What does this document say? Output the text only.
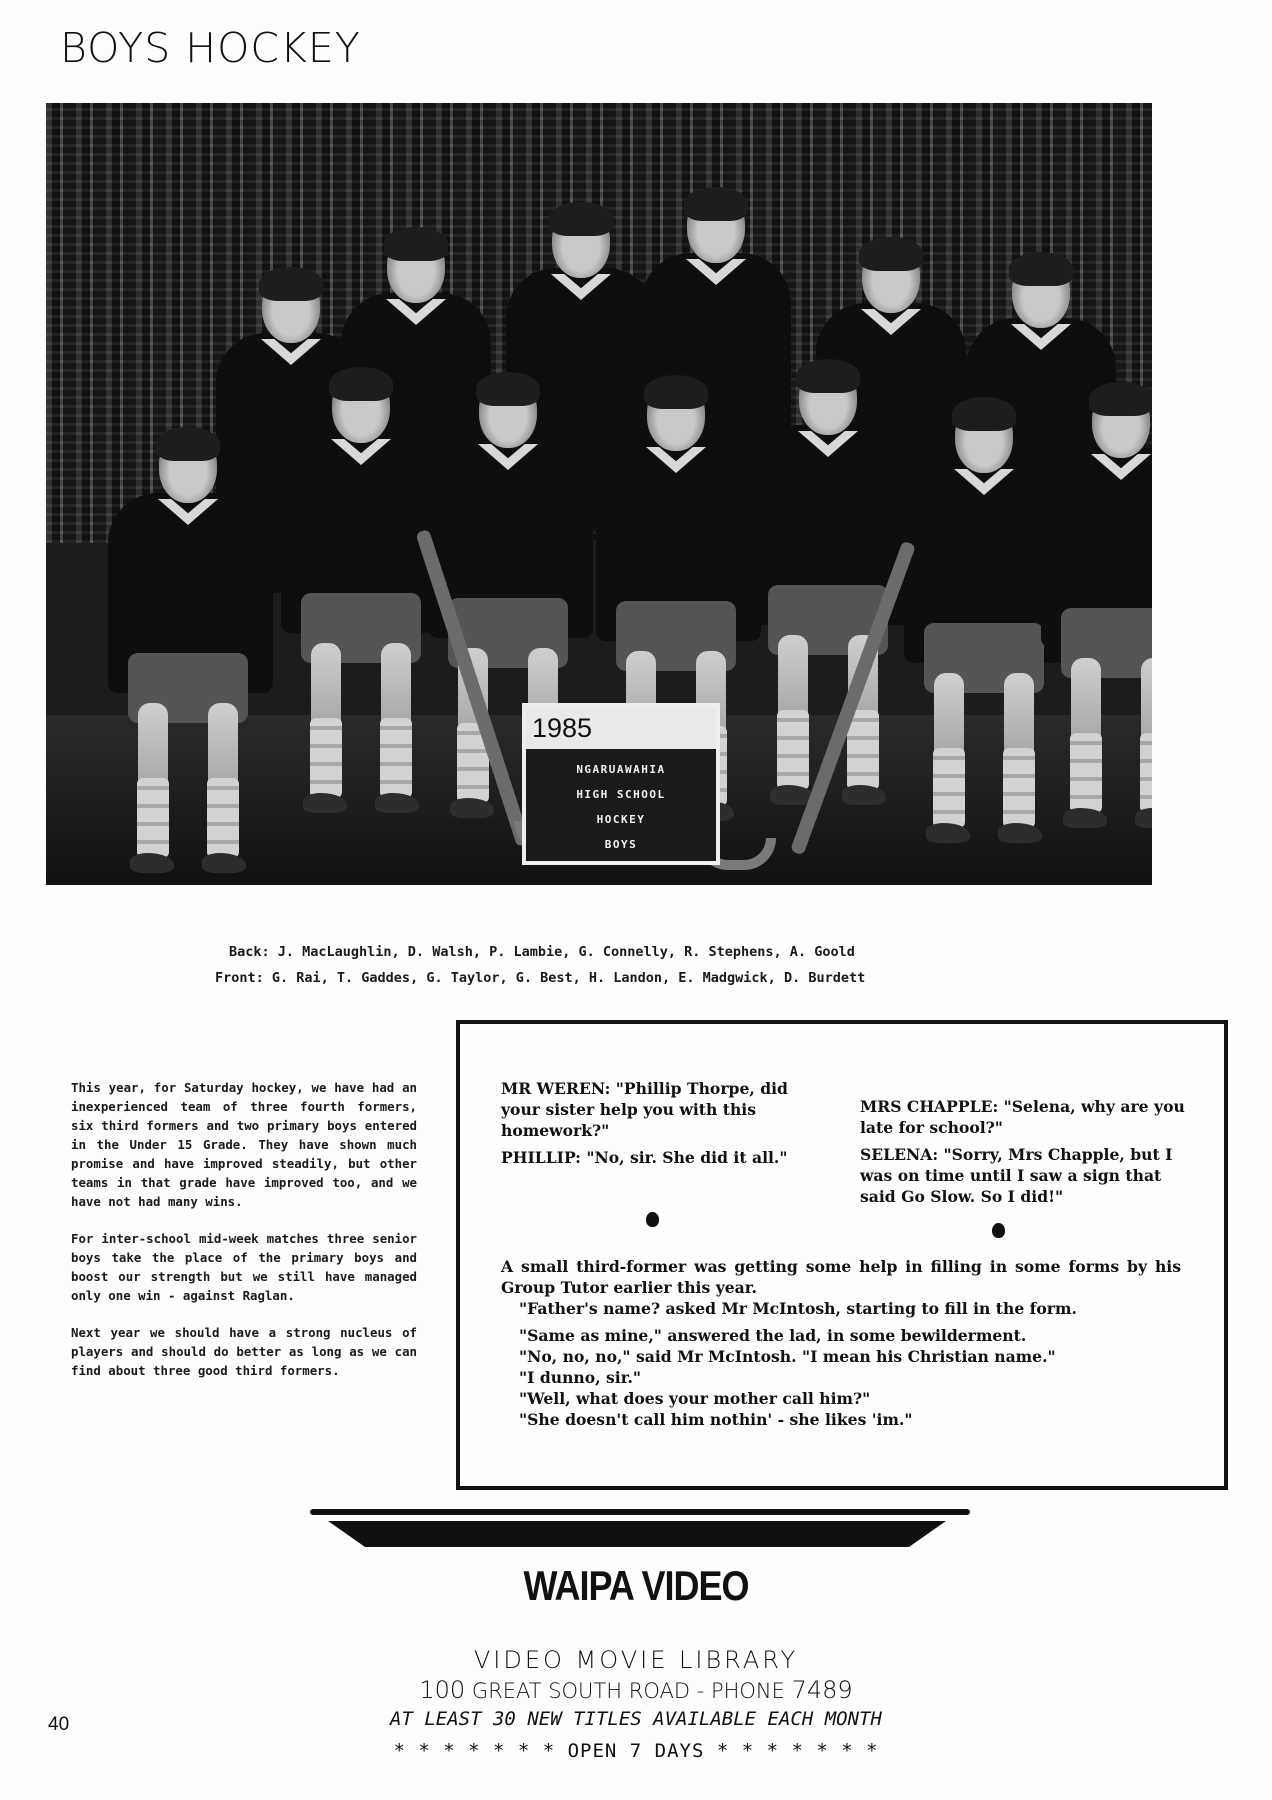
BOYS HOCKEY
1985
NGARUAWAHIA
HIGH SCHOOL
HOCKEY
BOYS
Back: J. MacLaughlin, D. Walsh, P. Lambie, G. Connelly, R. Stephens, A. Goold
Front: G. Rai, T. Gaddes, G. Taylor, G. Best, H. Landon, E. Madgwick, D. Burdett

This year, for Saturday hockey, we have had an inexperienced team of three fourth formers, six third formers and two primary boys entered in the Under 15 Grade. They have shown much promise and have improved steadily, but other teams in that grade have improved too, and we have not had many wins.

For inter-school mid-week matches three senior boys take the place of the primary boys and boost our strength but we still have managed only one win - against Raglan.

Next year we should have a strong nucleus of players and should do better as long as we can find about three good third formers.

MR WEREN: "Phillip Thorpe, did your sister help you with this homework?"

PHILLIP: "No, sir. She did it all."

MRS CHAPPLE: "Selena, why are you late for school?"

SELENA: "Sorry, Mrs Chapple, but I was on time until I saw a sign that said Go Slow. So I did!"

A small third-former was getting some help in filling in some forms by his Group Tutor earlier this year.

"Father's name? asked Mr McIntosh, starting to fill in the form.

"Same as mine," answered the lad, in some bewilderment.

"No, no, no," said Mr McIntosh. "I mean his Christian name."

"I dunno, sir."

"Well, what does your mother call him?"

"She doesn't call him nothin' - she likes 'im."

WAIPA VIDEO
VIDEO MOVIE LIBRARY
100 GREAT SOUTH ROAD - PHONE 7489
AT LEAST 30 NEW TITLES AVAILABLE EACH MONTH
* * * * * * * OPEN 7 DAYS * * * * * * *
40
